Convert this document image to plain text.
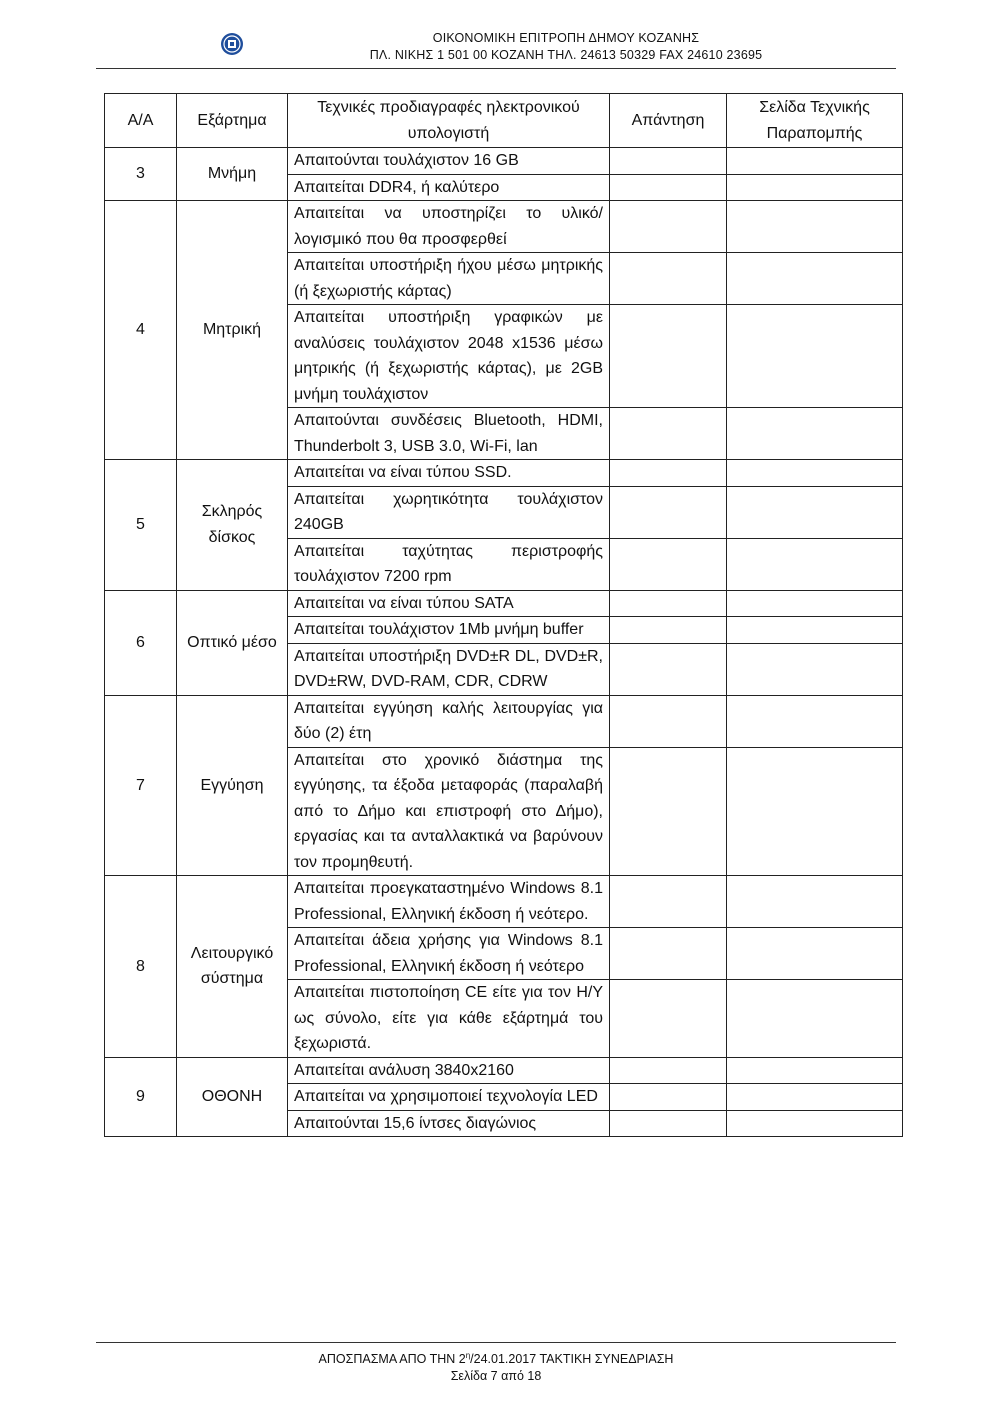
ΟΙΚΟΝΟΜΙΚΗ ΕΠΙΤΡΟΠΗ ΔΗΜΟΥ ΚΟΖΑΝΗΣ
ΠΛ. ΝΙΚΗΣ 1 501 00 ΚΟΖΑΝΗ ΤΗΛ. 24613 50329 FAX 24610 23695
Α/Α	Εξάρτημα	Τεχνικές προδιαγραφές ηλεκτρονικού υπολογιστή	Απάντηση	Σελίδα Τεχνικής Παραπομπής
3	Μνήμη	Απαιτούνται τουλάχιστον 16 GB		
		Απαιτείται DDR4, ή καλύτερο		
4	Μητρική	Απαιτείται να υποστηρίζει το υλικό/λογισμικό που θα προσφερθεί		
		Απαιτείται υποστήριξη ήχου μέσω μητρικής (ή ξεχωριστής κάρτας)		
		Απαιτείται υποστήριξη γραφικών με αναλύσεις τουλάχιστον 2048 x1536 μέσω μητρικής (ή ξεχωριστής κάρτας), με 2GB μνήμη τουλάχιστον		
		Απαιτούνται συνδέσεις Bluetooth, HDMI, Thunderbolt 3, USB 3.0, Wi-Fi, lan		
5	Σκληρός δίσκος	Απαιτείται να είναι τύπου SSD.		
		Απαιτείται χωρητικότητα τουλάχιστον 240GB		
		Απαιτείται ταχύτητας περιστροφής τουλάχιστον 7200 rpm		
6	Οπτικό μέσο	Απαιτείται να είναι τύπου SATA		
		Απαιτείται τουλάχιστον 1Mb μνήμη buffer		
		Απαιτείται υποστήριξη DVD±R DL, DVD±R, DVD±RW, DVD-RAM, CDR, CDRW		
7	Εγγύηση	Απαιτείται εγγύηση καλής λειτουργίας για δύο (2) έτη		
		Απαιτείται στο χρονικό διάστημα της εγγύησης, τα έξοδα μεταφοράς (παραλαβή από το Δήμο και επιστροφή στο Δήμο), εργασίας και τα ανταλλακτικά να βαρύνουν τον προμηθευτή.		
8	Λειτουργικό σύστημα	Απαιτείται προεγκαταστημένο Windows 8.1 Professional, Ελληνική έκδοση ή νεότερο.		
		Απαιτείται άδεια χρήσης για Windows 8.1 Professional, Ελληνική έκδοση ή νεότερο		
		Απαιτείται πιστοποίηση CE είτε για τον Η/Υ ως σύνολο, είτε για κάθε εξάρτημά του ξεχωριστά.		
9	ΟΘΟΝΗ	Απαιτείται ανάλυση 3840x2160		
		Απαιτείται να χρησιμοποιεί τεχνολογία LED		
		Απαιτούνται 15,6 ίντσες διαγώνιος		
ΑΠΟΣΠΑΣΜΑ ΑΠΟ ΤΗΝ $2^\eta/24.01.2017$ ΤΑΚΤΙΚΗ ΣΥΝΕΔΡΙΑΣΗ
Σελίδα 7 από 18
